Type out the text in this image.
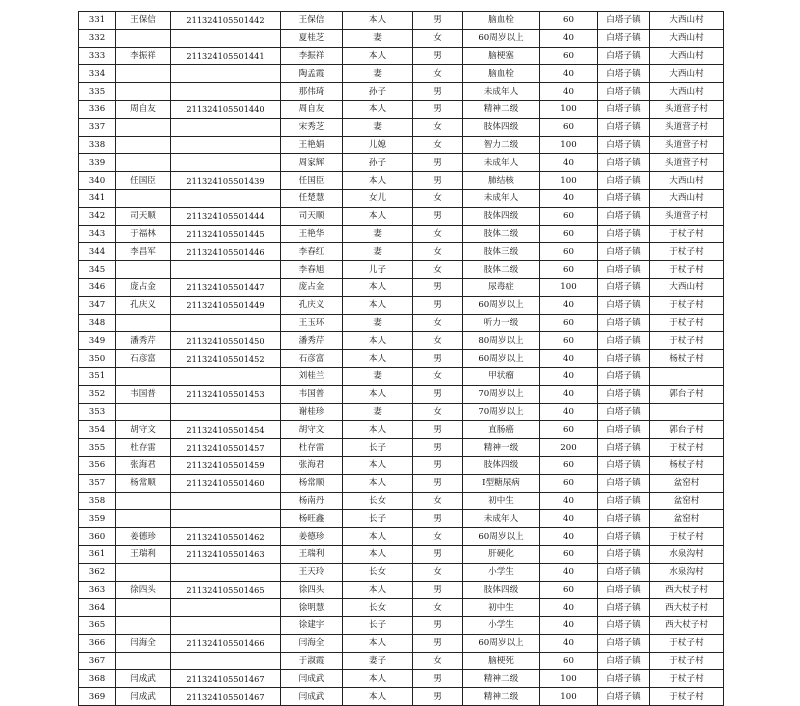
331	王保信	211324105501442	王保信	本人	男	脑血栓	60	白塔子镇	大西山村
332			夏桂芝	妻	女	60周岁以上	40	白塔子镇	大西山村
333	李振祥	211324105501441	李振祥	本人	男	脑梗塞	60	白塔子镇	大西山村
334			陶孟霞	妻	女	脑血栓	40	白塔子镇	大西山村
335			那伟琦	孙子	男	未成年人	40	白塔子镇	大西山村
336	周自友	211324105501440	周自友	本人	男	精神二级	100	白塔子镇	头道营子村
337			宋秀芝	妻	女	肢体四级	60	白塔子镇	头道营子村
338			王艳娟	儿媳	女	智力二级	100	白塔子镇	头道营子村
339			周家辉	孙子	男	未成年人	40	白塔子镇	头道营子村
340	任国臣	211324105501439	任国臣	本人	男	肺结核	100	白塔子镇	大西山村
341			任楚慧	女儿	女	未成年人	40	白塔子镇	大西山村
342	司天顺	211324105501444	司天顺	本人	男	肢体四级	60	白塔子镇	头道营子村
343	于福林	211324105501445	王艳华	妻	女	肢体二级	60	白塔子镇	于杖子村
344	李昌军	211324105501446	李春红	妻	女	肢体三级	60	白塔子镇	于杖子村
345			李春旭	儿子	女	肢体二级	60	白塔子镇	于杖子村
346	庞占金	211324105501447	庞占金	本人	男	尿毒症	100	白塔子镇	大西山村
347	孔庆义	211324105501449	孔庆义	本人	男	60周岁以上	40	白塔子镇	于杖子村
348			王玉环	妻	女	听力一级	60	白塔子镇	于杖子村
349	潘秀芹	211324105501450	潘秀芹	本人	女	80周岁以上	60	白塔子镇	于杖子村
350	石彦富	211324105501452	石彦富	本人	男	60周岁以上	40	白塔子镇	杨杖子村
351			刘桂兰	妻	女	甲状瘤	40	白塔子镇	
352	韦国普	211324105501453	韦国普	本人	男	70周岁以上	40	白塔子镇	郭台子村
353			谢桂珍	妻	女	70周岁以上	40	白塔子镇	
354	胡守文	211324105501454	胡守文	本人	男	直肠癌	60	白塔子镇	郭台子村
355	杜存雷	211324105501457	杜存雷	长子	男	精神一级	200	白塔子镇	于杖子村
356	张海君	211324105501459	张海君	本人	男	肢体四级	60	白塔子镇	杨杖子村
357	杨常顺	211324105501460	杨常顺	本人	男	I型糖尿病	60	白塔子镇	盆窑村
358			杨南丹	长女	女	初中生	40	白塔子镇	盆窑村
359			杨旺鑫	长子	男	未成年人	40	白塔子镇	盆窑村
360	姜德珍	211324105501462	姜德珍	本人	女	60周岁以上	40	白塔子镇	于杖子村
361	王瑞利	211324105501463	王瑞利	本人	男	肝硬化	60	白塔子镇	水泉沟村
362			王天玲	长女	女	小学生	40	白塔子镇	水泉沟村
363	徐四头	211324105501465	徐四头	本人	男	肢体四级	60	白塔子镇	西大杖子村
364			徐明慧	长女	女	初中生	40	白塔子镇	西大杖子村
365			徐建宇	长子	男	小学生	40	白塔子镇	西大杖子村
366	闫海全	211324105501466	闫海全	本人	男	60周岁以上	40	白塔子镇	于杖子村
367			于淑霞	妻子	女	脑梗死	60	白塔子镇	于杖子村
368	闫成武	211324105501467	闫成武	本人	男	精神二级	100	白塔子镇	于杖子村
369	闫成武	211324105501467	闫成武	本人	男	精神二级	100	白塔子镇	于杖子村
